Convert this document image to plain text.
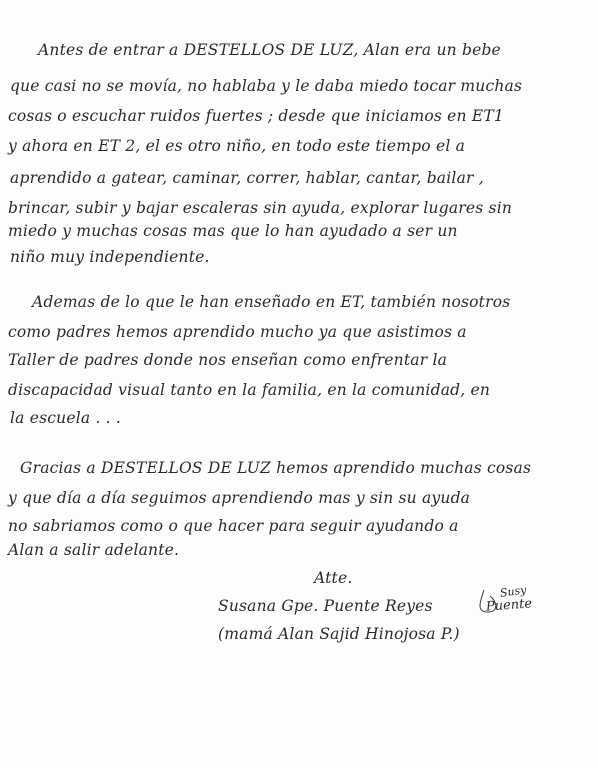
Antes de entrar a DESTELLOS DE LUZ, Alan era un bebe
que casi no se movía, no hablaba y le daba miedo tocar muchas
cosas o escuchar ruidos fuertes ; desde que iniciamos en ET1
y ahora en ET 2, el es otro niño, en todo este tiempo el a
aprendido a gatear, caminar, correr, hablar, cantar, bailar ,
brincar, subir y bajar escaleras sin ayuda, explorar lugares sin
miedo y muchas cosas mas que lo han ayudado a ser un
niño muy independiente.
Ademas de lo que le han enseñado en ET, también nosotros
como padres hemos aprendido mucho ya que asistimos a
Taller de padres donde nos enseñan como enfrentar la
discapacidad visual tanto en la familia, en la comunidad, en
la escuela . . .
Gracias a DESTELLOS DE LUZ hemos aprendido muchas cosas
y que día a día seguimos aprendiendo mas y sin su ayuda
no sabriamos como o que hacer para seguir ayudando a
Alan a salir adelante.
Atte.
Susana Gpe. Puente Reyes
(mamá Alan Sajid Hinojosa P.)
Susy
Puente
